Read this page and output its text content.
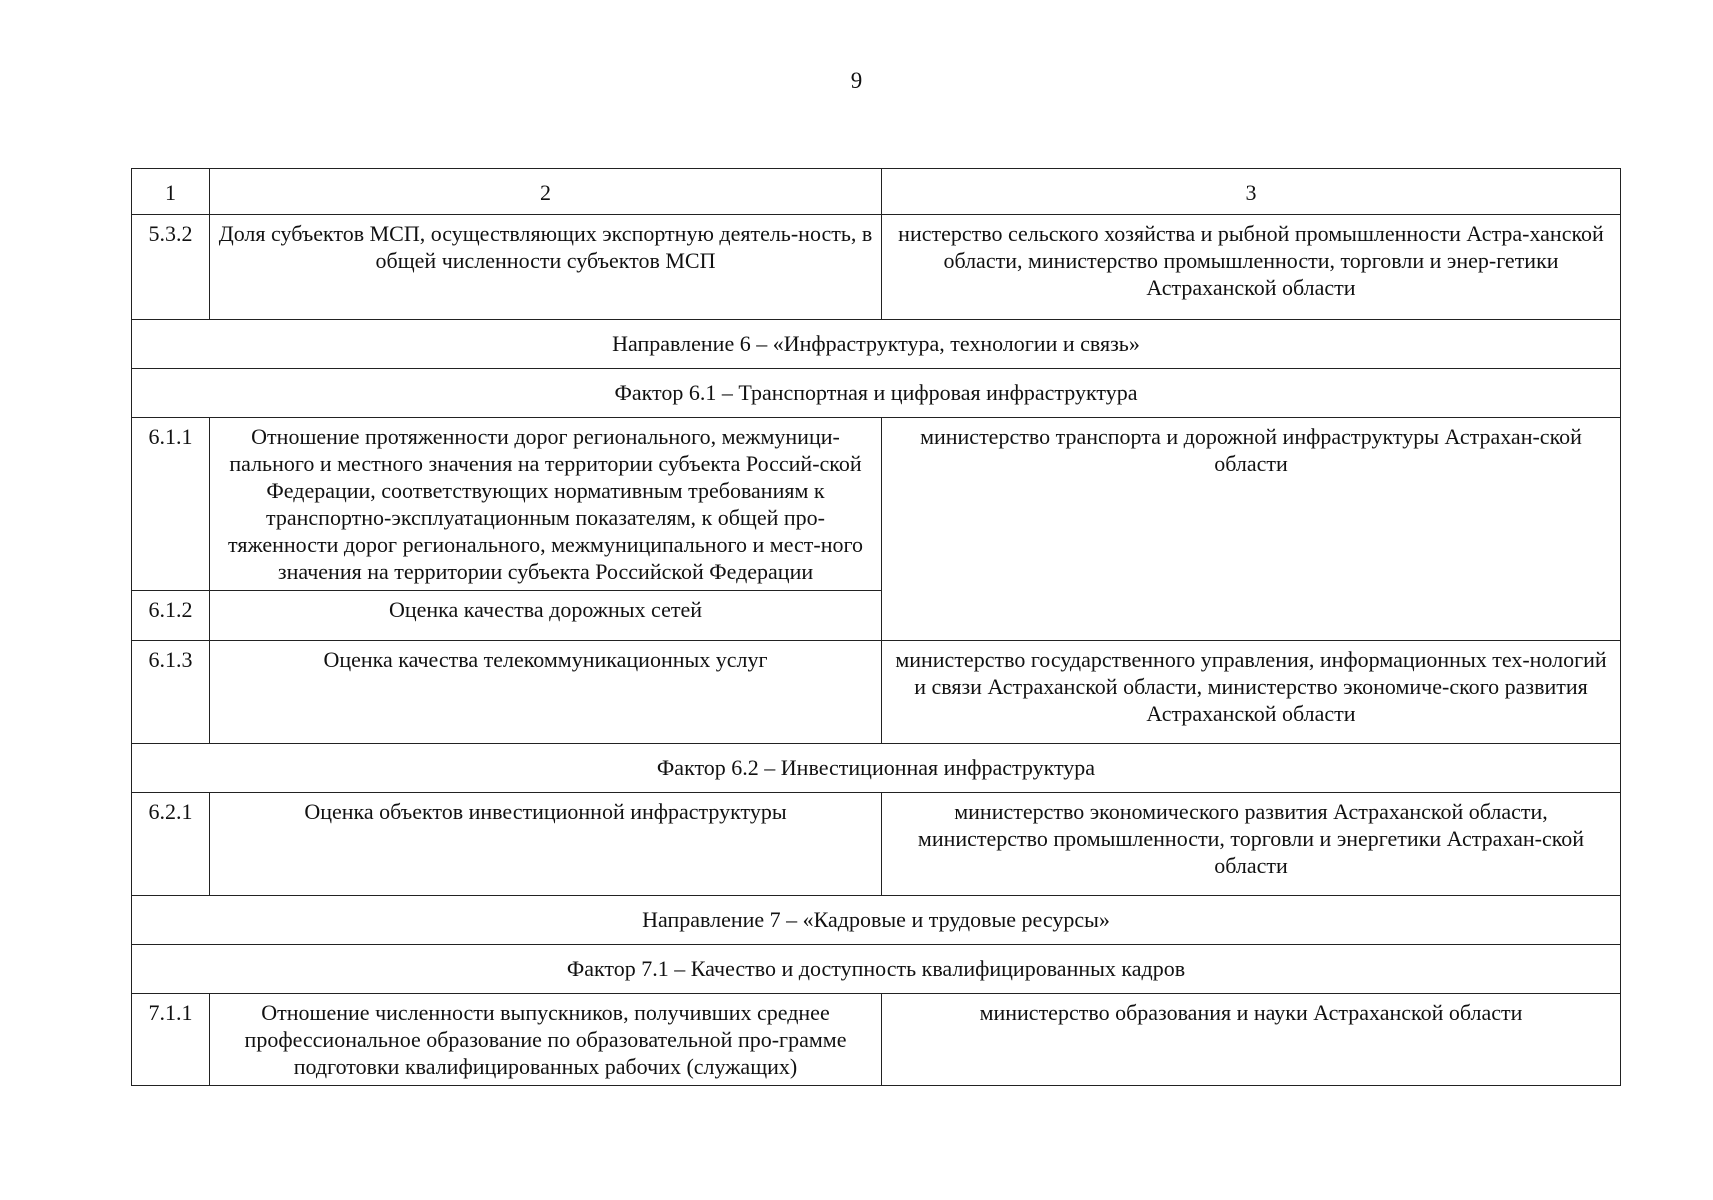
9
1	2	3
5.3.2	Доля субъектов МСП, осуществляющих экспортную деятель-ность, в общей численности субъектов МСП	нистерство сельского хозяйства и рыбной промышленности Астра-ханской области, министерство промышленности, торговли и энер-гетики Астраханской области
Направление 6 – «Инфраструктура, технологии и связь»		
Фактор 6.1 – Транспортная и цифровая инфраструктура		
6.1.1	Отношение протяженности дорог регионального, межмуници-пального и местного значения на территории субъекта Россий-ской Федерации, соответствующих нормативным требованиям к транспортно-эксплуатационным показателям, к общей про-тяженности дорог регионального, межмуниципального и мест-ного значения на территории субъекта Российской Федерации	министерство транспорта и дорожной инфраструктуры Астрахан-ской области
6.1.2	Оценка качества дорожных сетей	
6.1.3	Оценка качества телекоммуникационных услуг	министерство государственного управления, информационных тех-нологий и связи Астраханской области, министерство экономиче-ского развития Астраханской области
Фактор 6.2 – Инвестиционная инфраструктура		
6.2.1	Оценка объектов инвестиционной инфраструктуры	министерство экономического развития Астраханской области, министерство промышленности, торговли и энергетики Астрахан-ской области
Направление 7 – «Кадровые и трудовые ресурсы»		
Фактор 7.1 – Качество и доступность квалифицированных кадров		
7.1.1	Отношение численности выпускников, получивших среднее профессиональное образование по образовательной про-грамме подготовки квалифицированных рабочих (служащих)	министерство образования и науки Астраханской области
